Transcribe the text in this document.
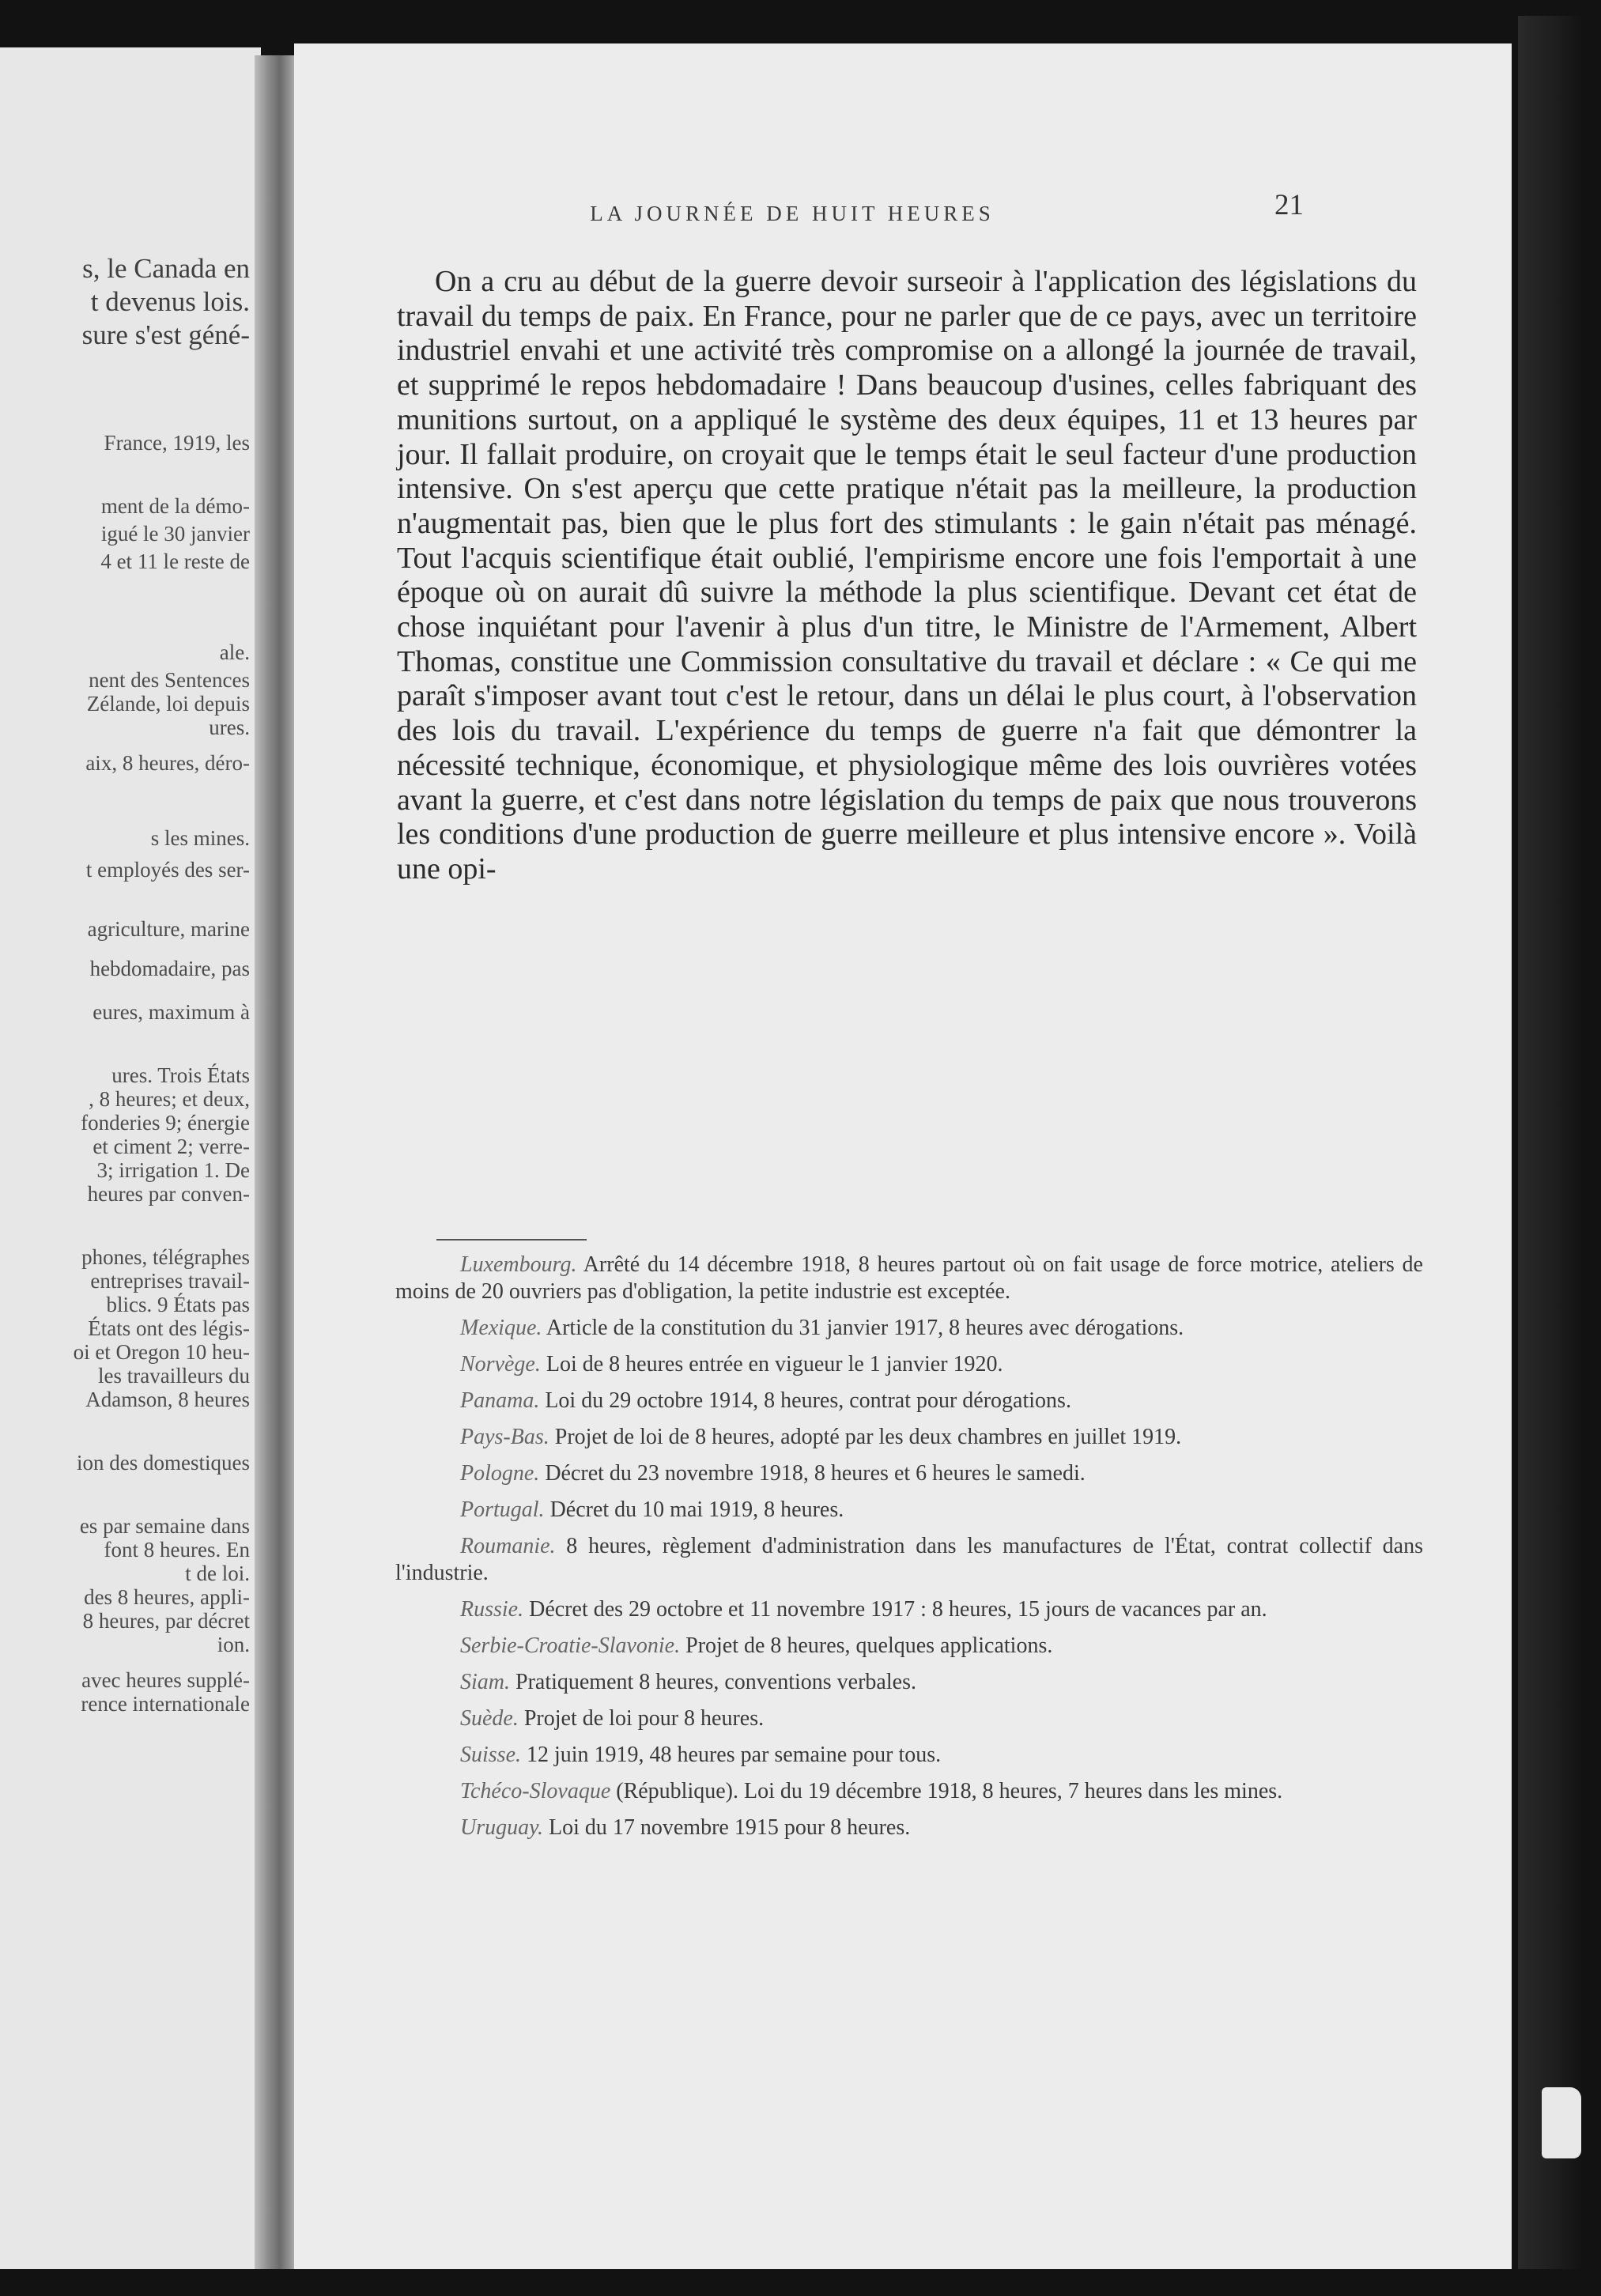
s, le Canada en
t devenus lois.
sure s'est géné-
France, 1919, les
ment de la démo-
igué le 30 janvier
4 et 11 le reste de
ale.
nent des Sentences
Zélande, loi depuis
ures.
aix, 8 heures, déro-
s les mines.
t employés des ser-
agriculture, marine
hebdomadaire, pas
eures, maximum à
ures. Trois États
, 8 heures; et deux,
fonderies 9; énergie
et ciment 2; verre-
3; irrigation 1. De
heures par conven-
phones, télégraphes
entreprises travail-
blics. 9 États pas
États ont des légis-
oi et Oregon 10 heu-
les travailleurs du
Adamson, 8 heures
ion des domestiques
es par semaine dans
font 8 heures. En
t de loi.
des 8 heures, appli-
8 heures, par décret
ion.
avec heures supplé-
rence internationale
LA JOURNÉE DE HUIT HEURES	21
On a cru au début de la guerre devoir surseoir à l'application des législations du travail du temps de paix. En France, pour ne parler que de ce pays, avec un territoire industriel envahi et une activité très compromise on a allongé la journée de travail, et supprimé le repos hebdomadaire ! Dans beaucoup d'usines, celles fabriquant des munitions surtout, on a appliqué le système des deux équipes, 11 et 13 heures par jour. Il fallait produire, on croyait que le temps était le seul facteur d'une production intensive. On s'est aperçu que cette pratique n'était pas la meilleure, la production n'augmentait pas, bien que le plus fort des stimulants : le gain n'était pas ménagé. Tout l'acquis scientifique était oublié, l'empirisme encore une fois l'emportait à une époque où on aurait dû suivre la méthode la plus scientifique. Devant cet état de chose inquiétant pour l'avenir à plus d'un titre, le Ministre de l'Armement, Albert Thomas, constitue une Commission consultative du travail et déclare : « Ce qui me paraît s'imposer avant tout c'est le retour, dans un délai le plus court, à l'observation des lois du travail. L'expérience du temps de guerre n'a fait que démontrer la nécessité technique, économique, et physiologique même des lois ouvrières votées avant la guerre, et c'est dans notre législation du temps de paix que nous trouverons les conditions d'une production de guerre meilleure et plus intensive encore ». Voilà une opi-

Luxembourg. Arrêté du 14 décembre 1918, 8 heures partout où on fait usage de force motrice, ateliers de moins de 20 ouvriers pas d'obligation, la petite industrie est exceptée.

Mexique. Article de la constitution du 31 janvier 1917, 8 heures avec dérogations.

Norvège. Loi de 8 heures entrée en vigueur le 1 janvier 1920.

Panama. Loi du 29 octobre 1914, 8 heures, contrat pour dérogations.

Pays-Bas. Projet de loi de 8 heures, adopté par les deux chambres en juillet 1919.

Pologne. Décret du 23 novembre 1918, 8 heures et 6 heures le samedi.

Portugal. Décret du 10 mai 1919, 8 heures.

Roumanie. 8 heures, règlement d'administration dans les manufactures de l'État, contrat collectif dans l'industrie.

Russie. Décret des 29 octobre et 11 novembre 1917 : 8 heures, 15 jours de vacances par an.

Serbie-Croatie-Slavonie. Projet de 8 heures, quelques applications.

Siam. Pratiquement 8 heures, conventions verbales.

Suède. Projet de loi pour 8 heures.

Suisse. 12 juin 1919, 48 heures par semaine pour tous.

Tchéco-Slovaque (République). Loi du 19 décembre 1918, 8 heures, 7 heures dans les mines.

Uruguay. Loi du 17 novembre 1915 pour 8 heures.
